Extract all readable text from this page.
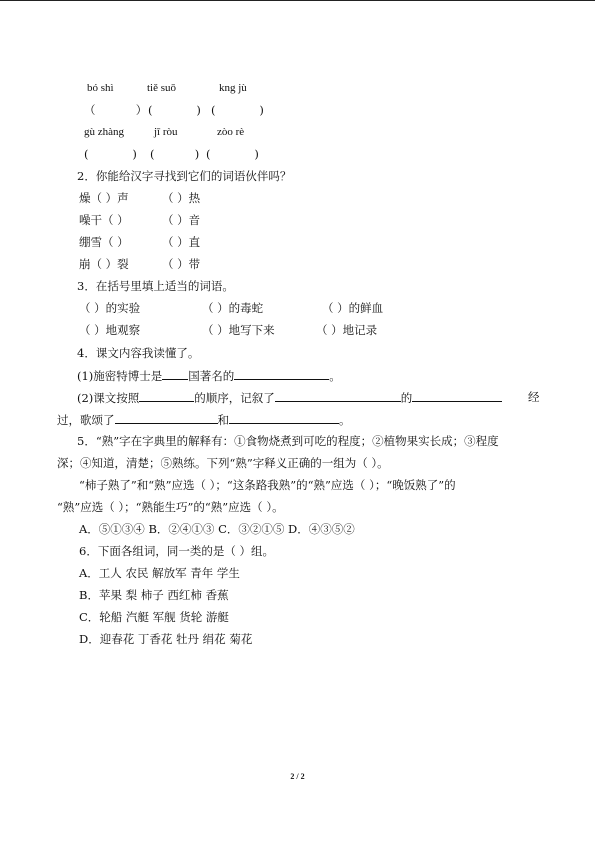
bó shì	tiě suō	kng jù
（           ） (            ) (            )
gù zhàng	jī ròu	zòo rè
(            ) (           ) (            )
2．你能给汉字寻找到它们的词语伙伴吗？
燥（ ）声	（ ）热
噪干（ ）	（ ）音
绷雪（ ）	（ ）直
崩（ ）裂	（ ）带
3．在括号里填上适当的词语。
（ ）的实验	（ ）的毒蛇	（ ）的鲜血
（ ）地观察	（ ）地写下来	（ ）地记录
4．课文内容我读懂了。
(1)施密特博士是 国著名的	。
(2)课文按照	的顺序，记叙了	的	经
过，歌颂了	和	。
5．“熟”字在字典里的解释有：①食物烧煮到可吃的程度；②植物果实长成；③程度
深；④知道，清楚；⑤熟练。下列“熟”字释义正确的一组为（ ）。
“柿子熟了”和“熟”应选（ ）；“这条路我熟”的“熟”应选（ ）；“晚饭熟了”的
“熟”应选（ ）；“熟能生巧”的“熟”应选（ ）。
A．⑤①③④ B．②④①③ C．③②①⑤ D．④③⑤②
6．下面各组词，同一类的是（ ）组。
A．工人 农民 解放军 青年 学生
B．苹果 梨 柿子 西红柿 香蕉
C．轮船 汽艇 军舰 货轮 游艇
D．迎春花 丁香花 牡丹 绢花 菊花
2 / 2
